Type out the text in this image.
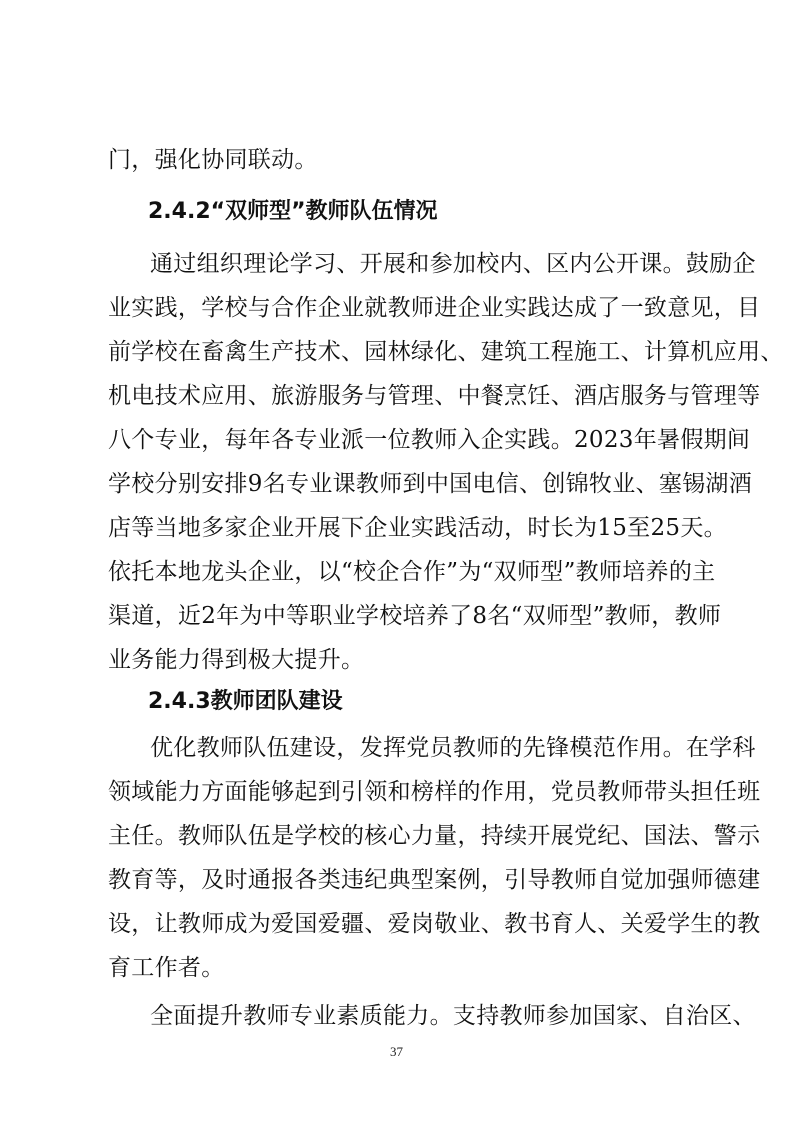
门，强化协同联动。
2.4.2“双师型”教师队伍情况
通过组织理论学习、开展和参加校内、区内公开课。鼓励企
业实践，学校与合作企业就教师进企业实践达成了一致意见，目
前学校在畜禽生产技术、园林绿化、建筑工程施工、计算机应用、
机电技术应用、旅游服务与管理、中餐烹饪、酒店服务与管理等
八个专业，每年各专业派一位教师入企实践。2023年暑假期间
学校分别安排9名专业课教师到中国电信、创锦牧业、塞锡湖酒
店等当地多家企业开展下企业实践活动，时长为15至25天。
依托本地龙头企业，以“校企合作”为“双师型”教师培养的主
渠道，近2年为中等职业学校培养了8名“双师型”教师，教师
业务能力得到极大提升。
2.4.3教师团队建设
优化教师队伍建设，发挥党员教师的先锋模范作用。在学科
领域能力方面能够起到引领和榜样的作用，党员教师带头担任班
主任。教师队伍是学校的核心力量，持续开展党纪、国法、警示
教育等，及时通报各类违纪典型案例，引导教师自觉加强师德建
设，让教师成为爱国爱疆、爱岗敬业、教书育人、关爱学生的教
育工作者。
全面提升教师专业素质能力。支持教师参加国家、自治区、
37
